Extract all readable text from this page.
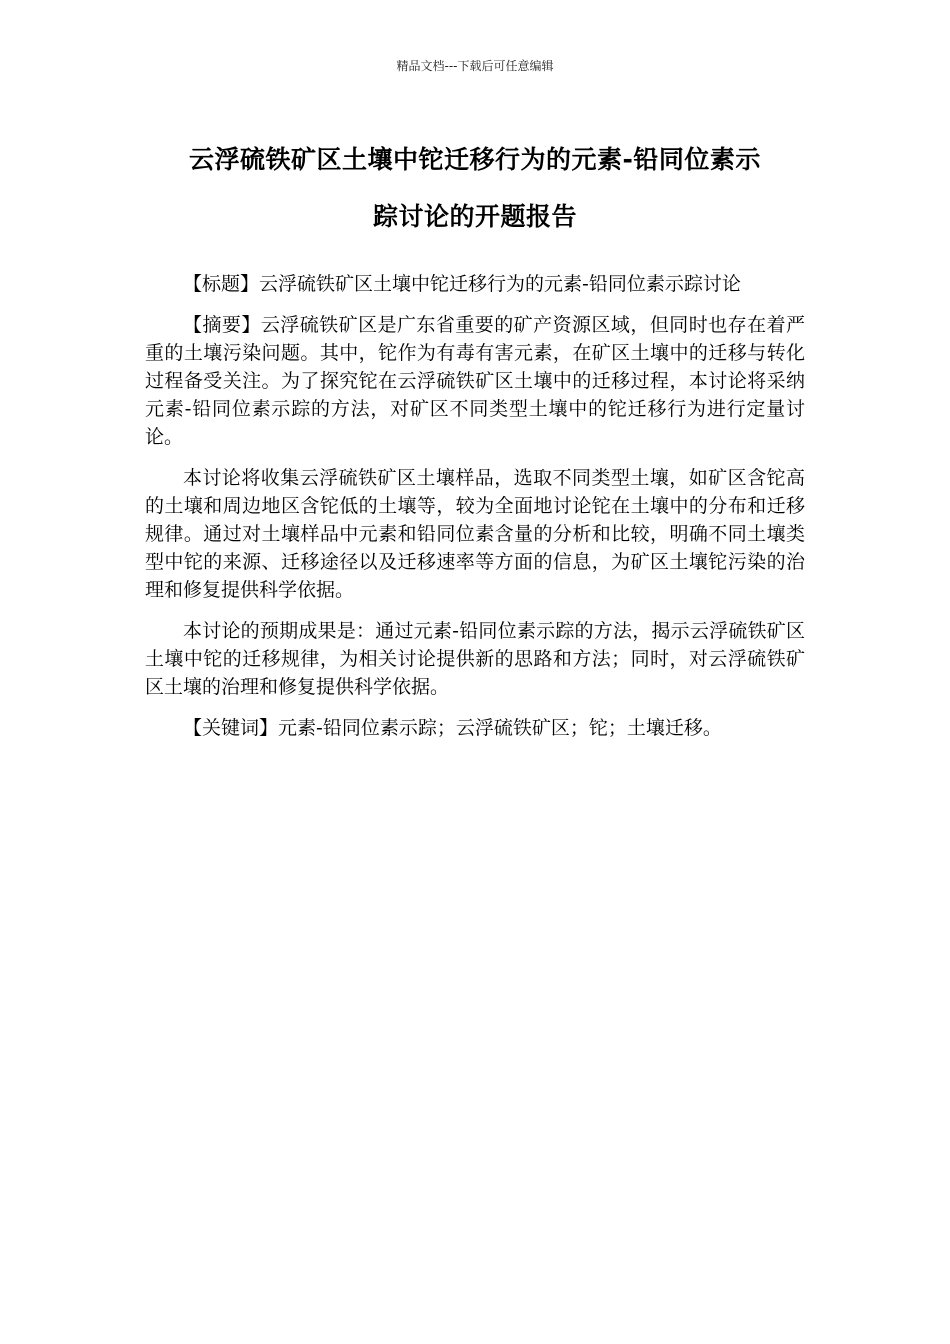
精品文档---下载后可任意编辑
云浮硫铁矿区土壤中铊迁移行为的元素-铅同位素示
踪讨论的开题报告

【标题】云浮硫铁矿区土壤中铊迁移行为的元素-铅同位素示踪讨论

【摘要】云浮硫铁矿区是广东省重要的矿产资源区域，但同时也存在着严重的土壤污染问题。其中，铊作为有毒有害元素，在矿区土壤中的迁移与转化过程备受关注。为了探究铊在云浮硫铁矿区土壤中的迁移过程，本讨论将采纳元素-铅同位素示踪的方法，对矿区不同类型土壤中的铊迁移行为进行定量讨论。

本讨论将收集云浮硫铁矿区土壤样品，选取不同类型土壤，如矿区含铊高的土壤和周边地区含铊低的土壤等，较为全面地讨论铊在土壤中的分布和迁移规律。通过对土壤样品中元素和铅同位素含量的分析和比较，明确不同土壤类型中铊的来源、迁移途径以及迁移速率等方面的信息，为矿区土壤铊污染的治理和修复提供科学依据。

本讨论的预期成果是：通过元素-铅同位素示踪的方法，揭示云浮硫铁矿区土壤中铊的迁移规律，为相关讨论提供新的思路和方法；同时，对云浮硫铁矿区土壤的治理和修复提供科学依据。

【关键词】元素-铅同位素示踪；云浮硫铁矿区；铊；土壤迁移。
